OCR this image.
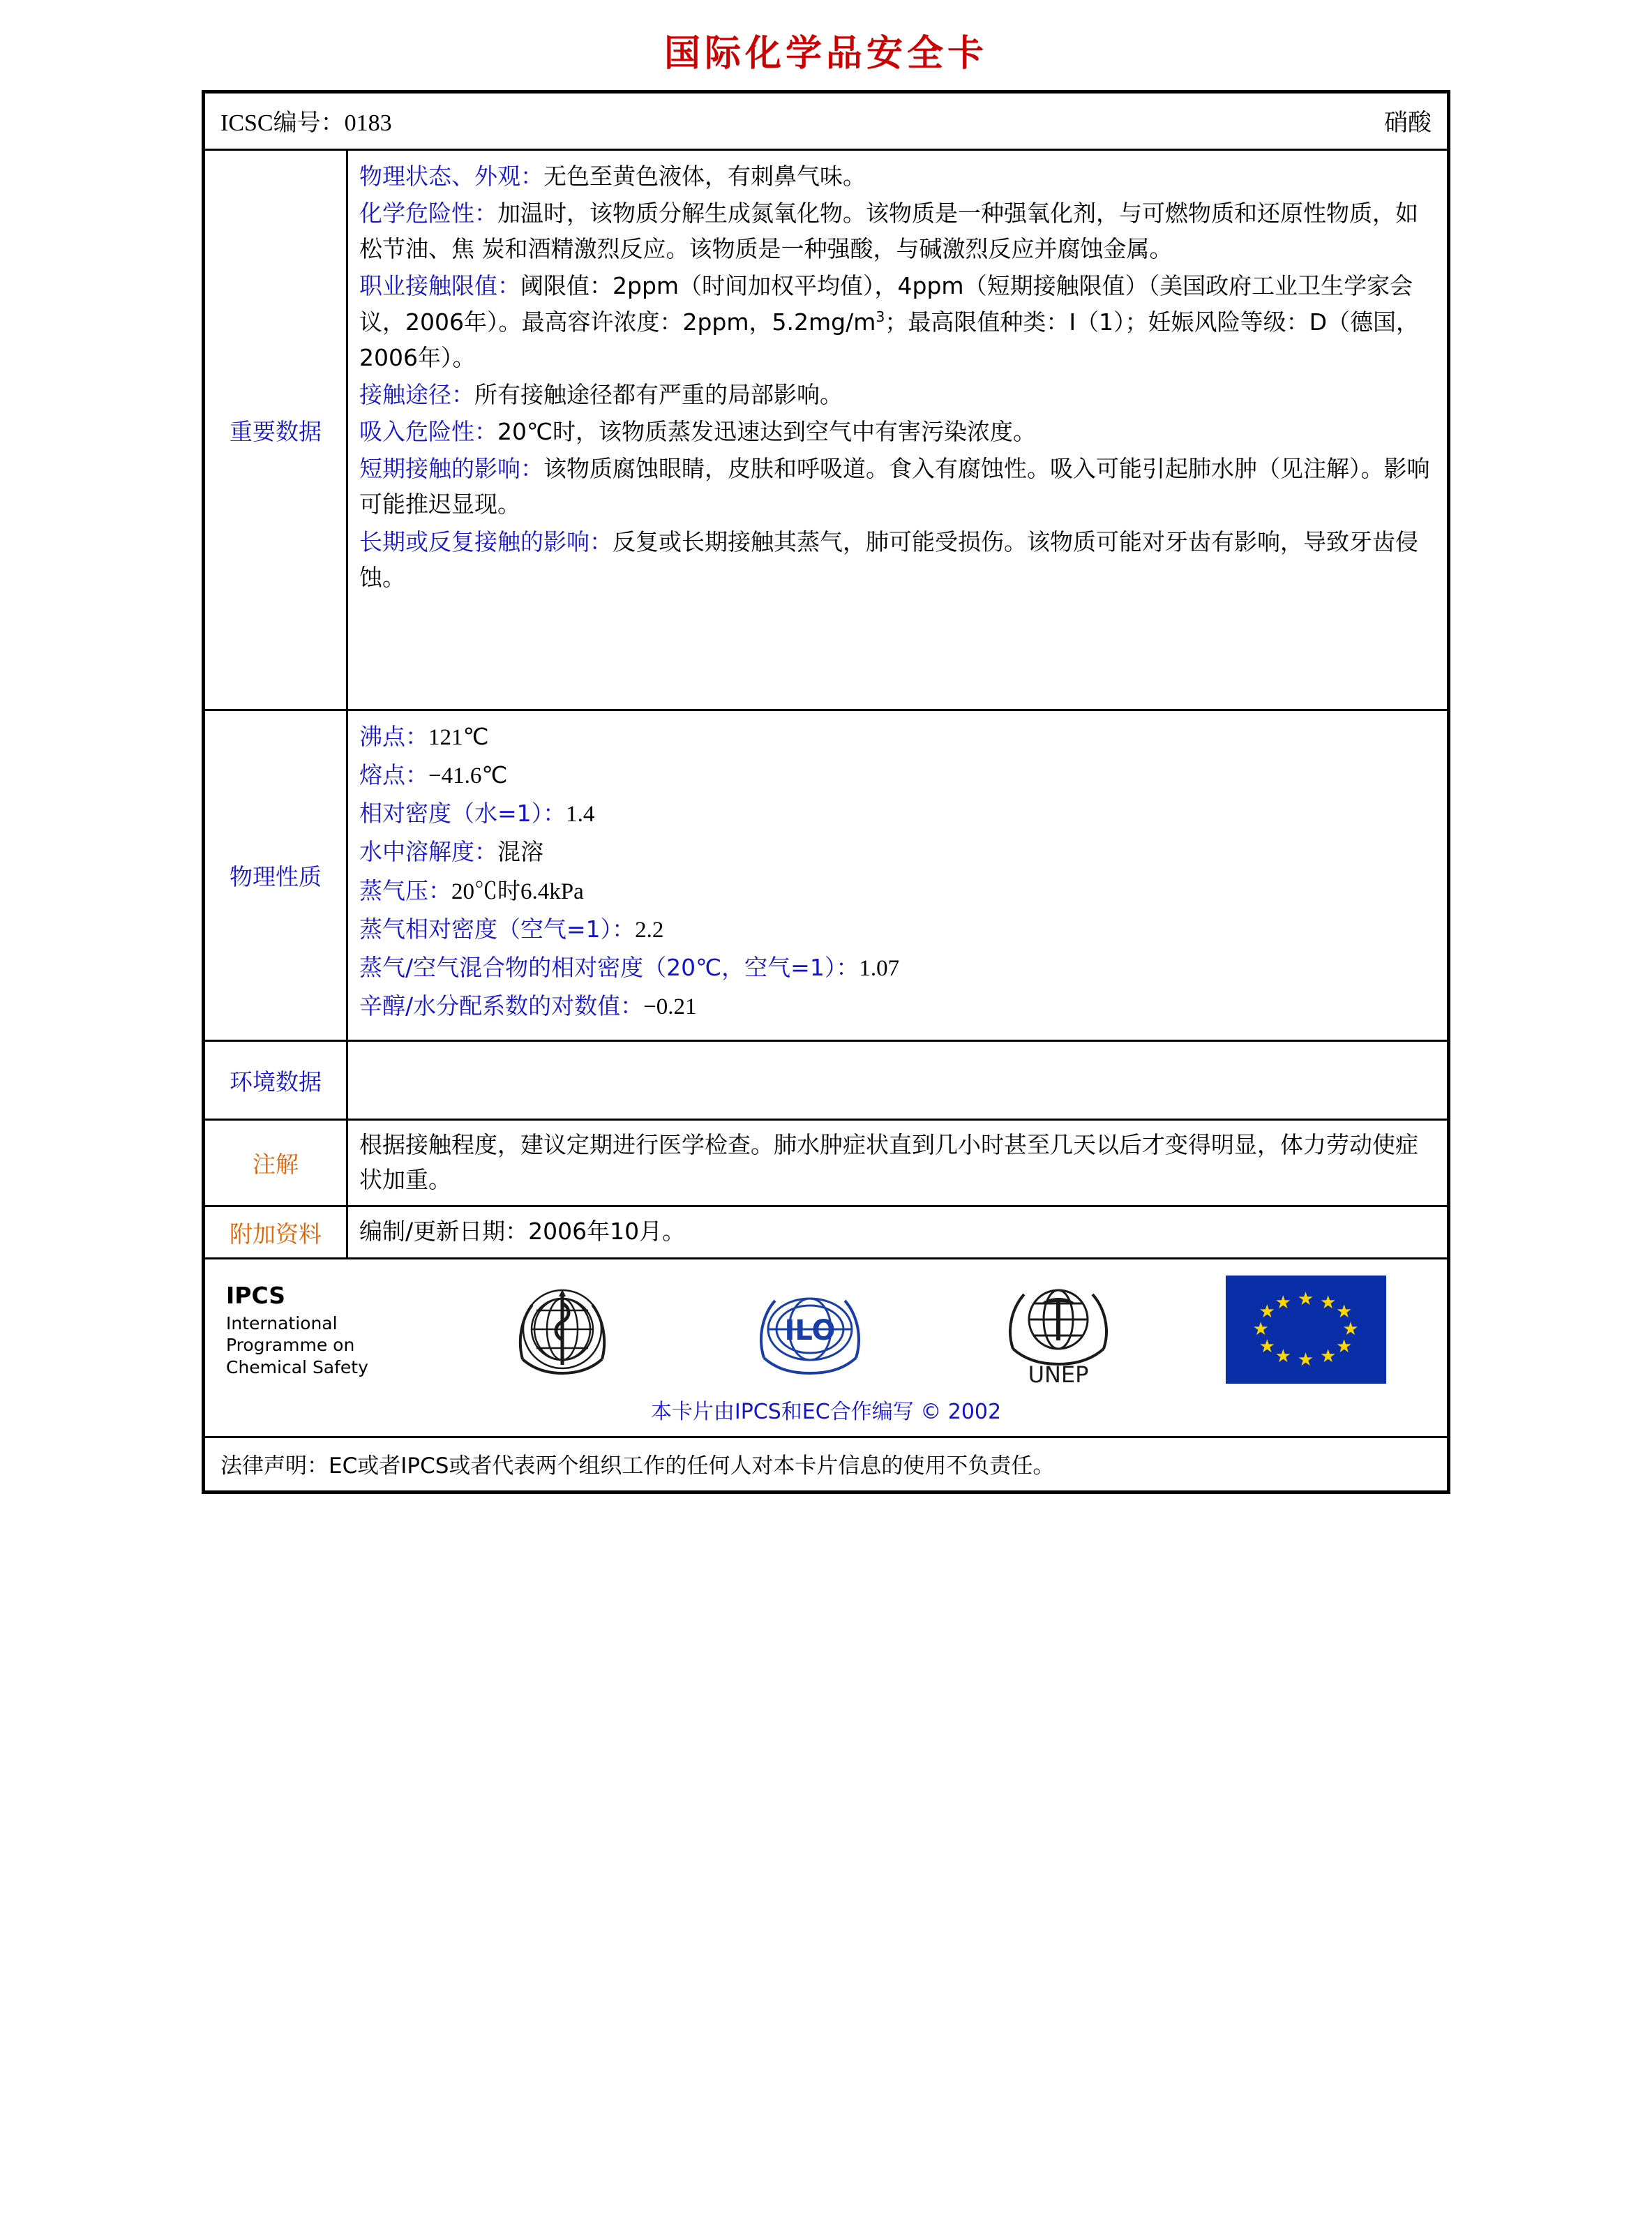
国际化学品安全卡
ICSC编号：0183	硝酸
重要数据

物理状态、外观：无色至黄色液体，有刺鼻气味。

化学危险性：加温时，该物质分解生成氮氧化物。该物质是一种强氧化剂，与可燃物质和还原性物质，如松节油、焦 炭和酒精激烈反应。该物质是一种强酸，与碱激烈反应并腐蚀金属。

职业接触限值：阈限值：2ppm（时间加权平均值），4ppm（短期接触限值）（美国政府工业卫生学家会议，2006年）。最高容许浓度：2ppm，$5.2mg/m^3$；最高限值种类：Ⅰ（1）；妊娠风险等级：D（德国，2006年）。

接触途径：所有接触途径都有严重的局部影响。

吸入危险性：20℃时，该物质蒸发迅速达到空气中有害污染浓度。

短期接触的影响：该物质腐蚀眼睛，皮肤和呼吸道。食入有腐蚀性。吸入可能引起肺水肿（见注解）。影响可能推迟显现。

长期或反复接触的影响：反复或长期接触其蒸气，肺可能受损伤。该物质可能对牙齿有影响，导致牙齿侵蚀。

物理性质

沸点：121℃

熔点：−41.6℃

相对密度（水=1）：1.4

水中溶解度：混溶

蒸气压：20℃时6.4kPa

蒸气相对密度（空气=1）：2.2

蒸气/空气混合物的相对密度（20℃，空气=1）：1.07

辛醇/水分配系数的对数值：−0.21

环境数据
注解
根据接触程度，建议定期进行医学检查。肺水肿症状直到几小时甚至几天以后才变得明显，体力劳动使症状加重。
附加资料	编制/更新日期：2006年10月。
IPCS
International
Programme on
Chemical Safety
ILO
UNEP
★ ★ ★
★
★
★
★
★
★
★
★ ★
本卡片由IPCS和EC合作编写 © 2002
法律声明：EC或者IPCS或者代表两个组织工作的任何人对本卡片信息的使用不负责任。
